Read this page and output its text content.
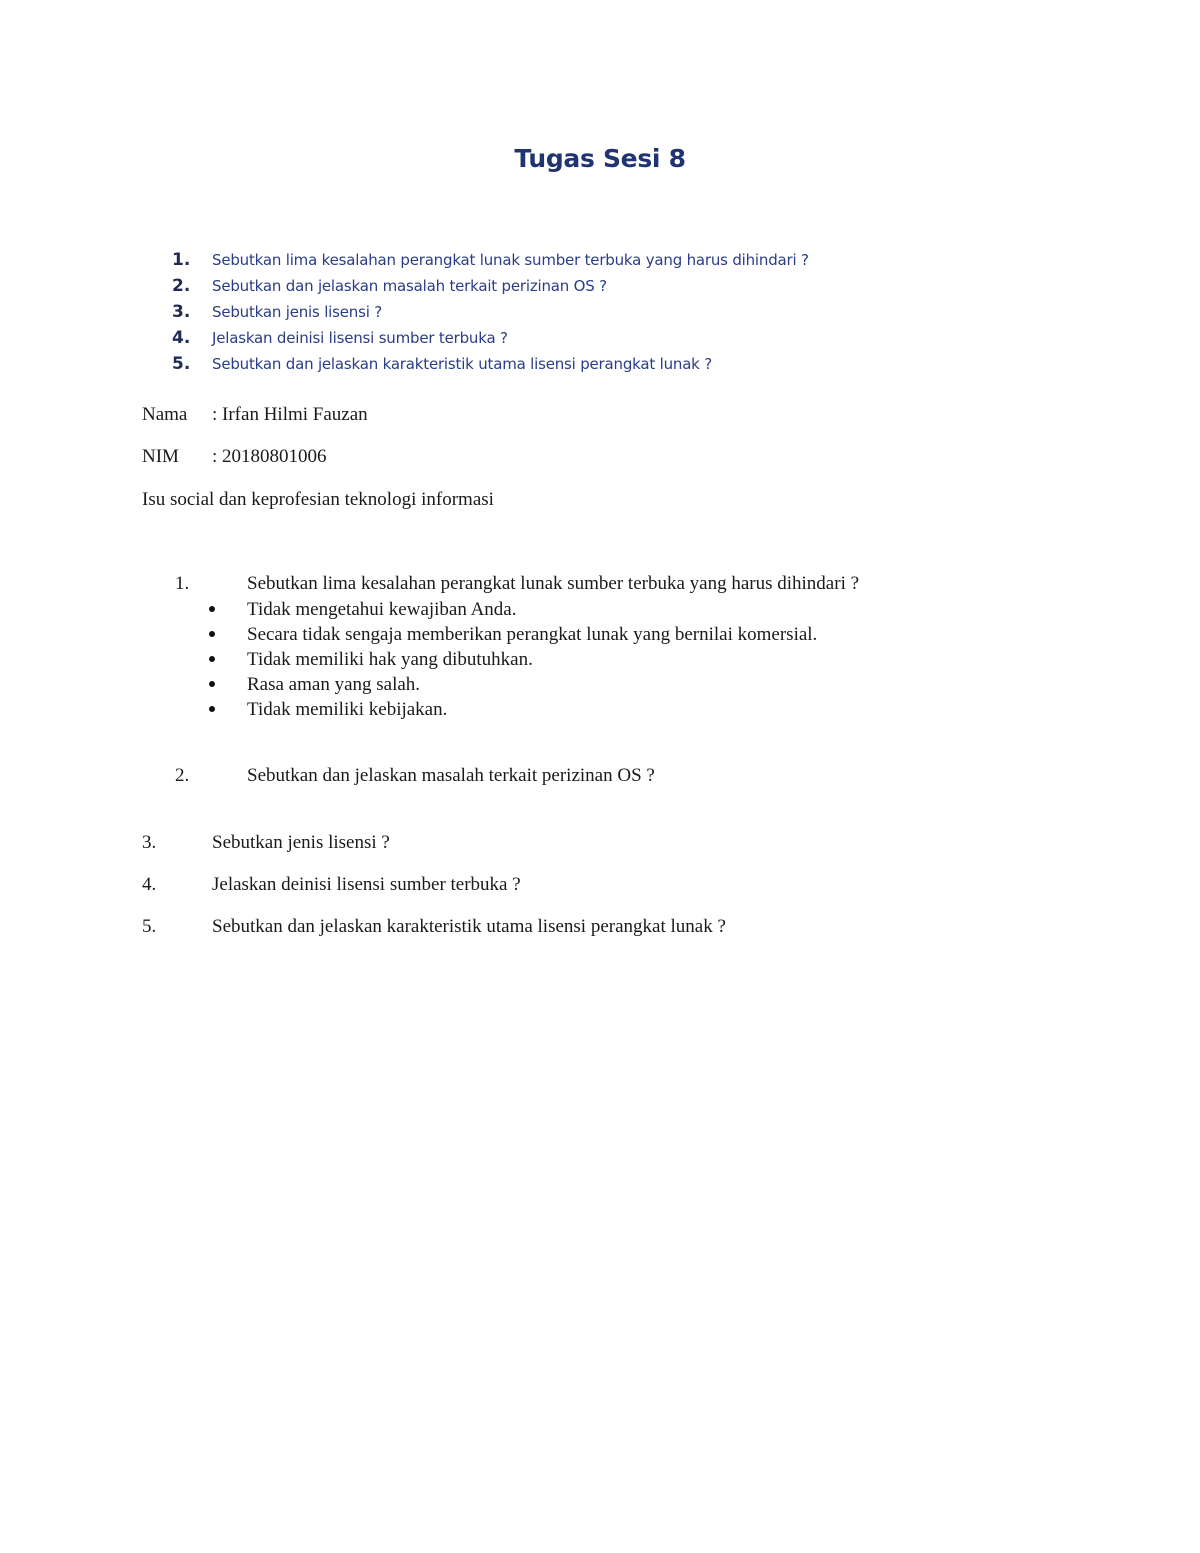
Tugas Sesi 8
1. Sebutkan lima kesalahan perangkat lunak sumber terbuka yang harus dihindari ?
2. Sebutkan dan jelaskan masalah terkait perizinan OS ?
3. Sebutkan jenis lisensi ?
4. Jelaskan deinisi lisensi sumber terbuka ?
5. Sebutkan dan jelaskan karakteristik utama lisensi perangkat lunak ?
Nama : Irfan Hilmi Fauzan
NIM : 20180801006
Isu social dan keprofesian teknologi informasi
1.	Sebutkan lima kesalahan perangkat lunak sumber terbuka yang harus dihindari ?
Tidak mengetahui kewajiban Anda.
Secara tidak sengaja memberikan perangkat lunak yang bernilai komersial.
Tidak memiliki hak yang dibutuhkan.
Rasa aman yang salah.
Tidak memiliki kebijakan.
2.	Sebutkan dan jelaskan masalah terkait perizinan OS ?
3.	Sebutkan jenis lisensi ?
4.	Jelaskan deinisi lisensi sumber terbuka ?
5.	Sebutkan dan jelaskan karakteristik utama lisensi perangkat lunak ?
